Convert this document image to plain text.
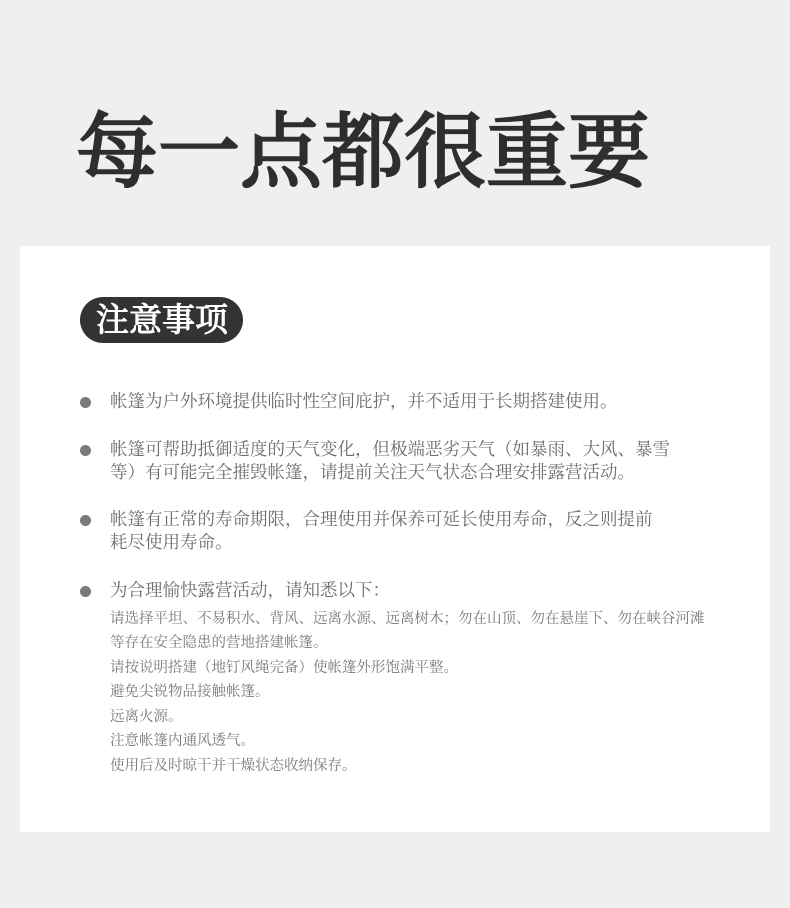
每一点都很重要
注意事项
帐篷为户外环境提供临时性空间庇护，并不适用于长期搭建使用。
帐篷可帮助抵御适度的天气变化，但极端恶劣天气（如暴雨、大风、暴雪
等）有可能完全摧毁帐篷，请提前关注天气状态合理安排露营活动。
帐篷有正常的寿命期限，合理使用并保养可延长使用寿命，反之则提前
耗尽使用寿命。
为合理愉快露营活动，请知悉以下：
请选择平坦、不易积水、背风、远离水源、远离树木；勿在山顶、勿在悬崖下、勿在峡谷河滩
等存在安全隐患的营地搭建帐篷。
请按说明搭建（地钉风绳完备）使帐篷外形饱满平整。
避免尖锐物品接触帐篷。
远离火源。
注意帐篷内通风透气。
使用后及时晾干并干燥状态收纳保存。
